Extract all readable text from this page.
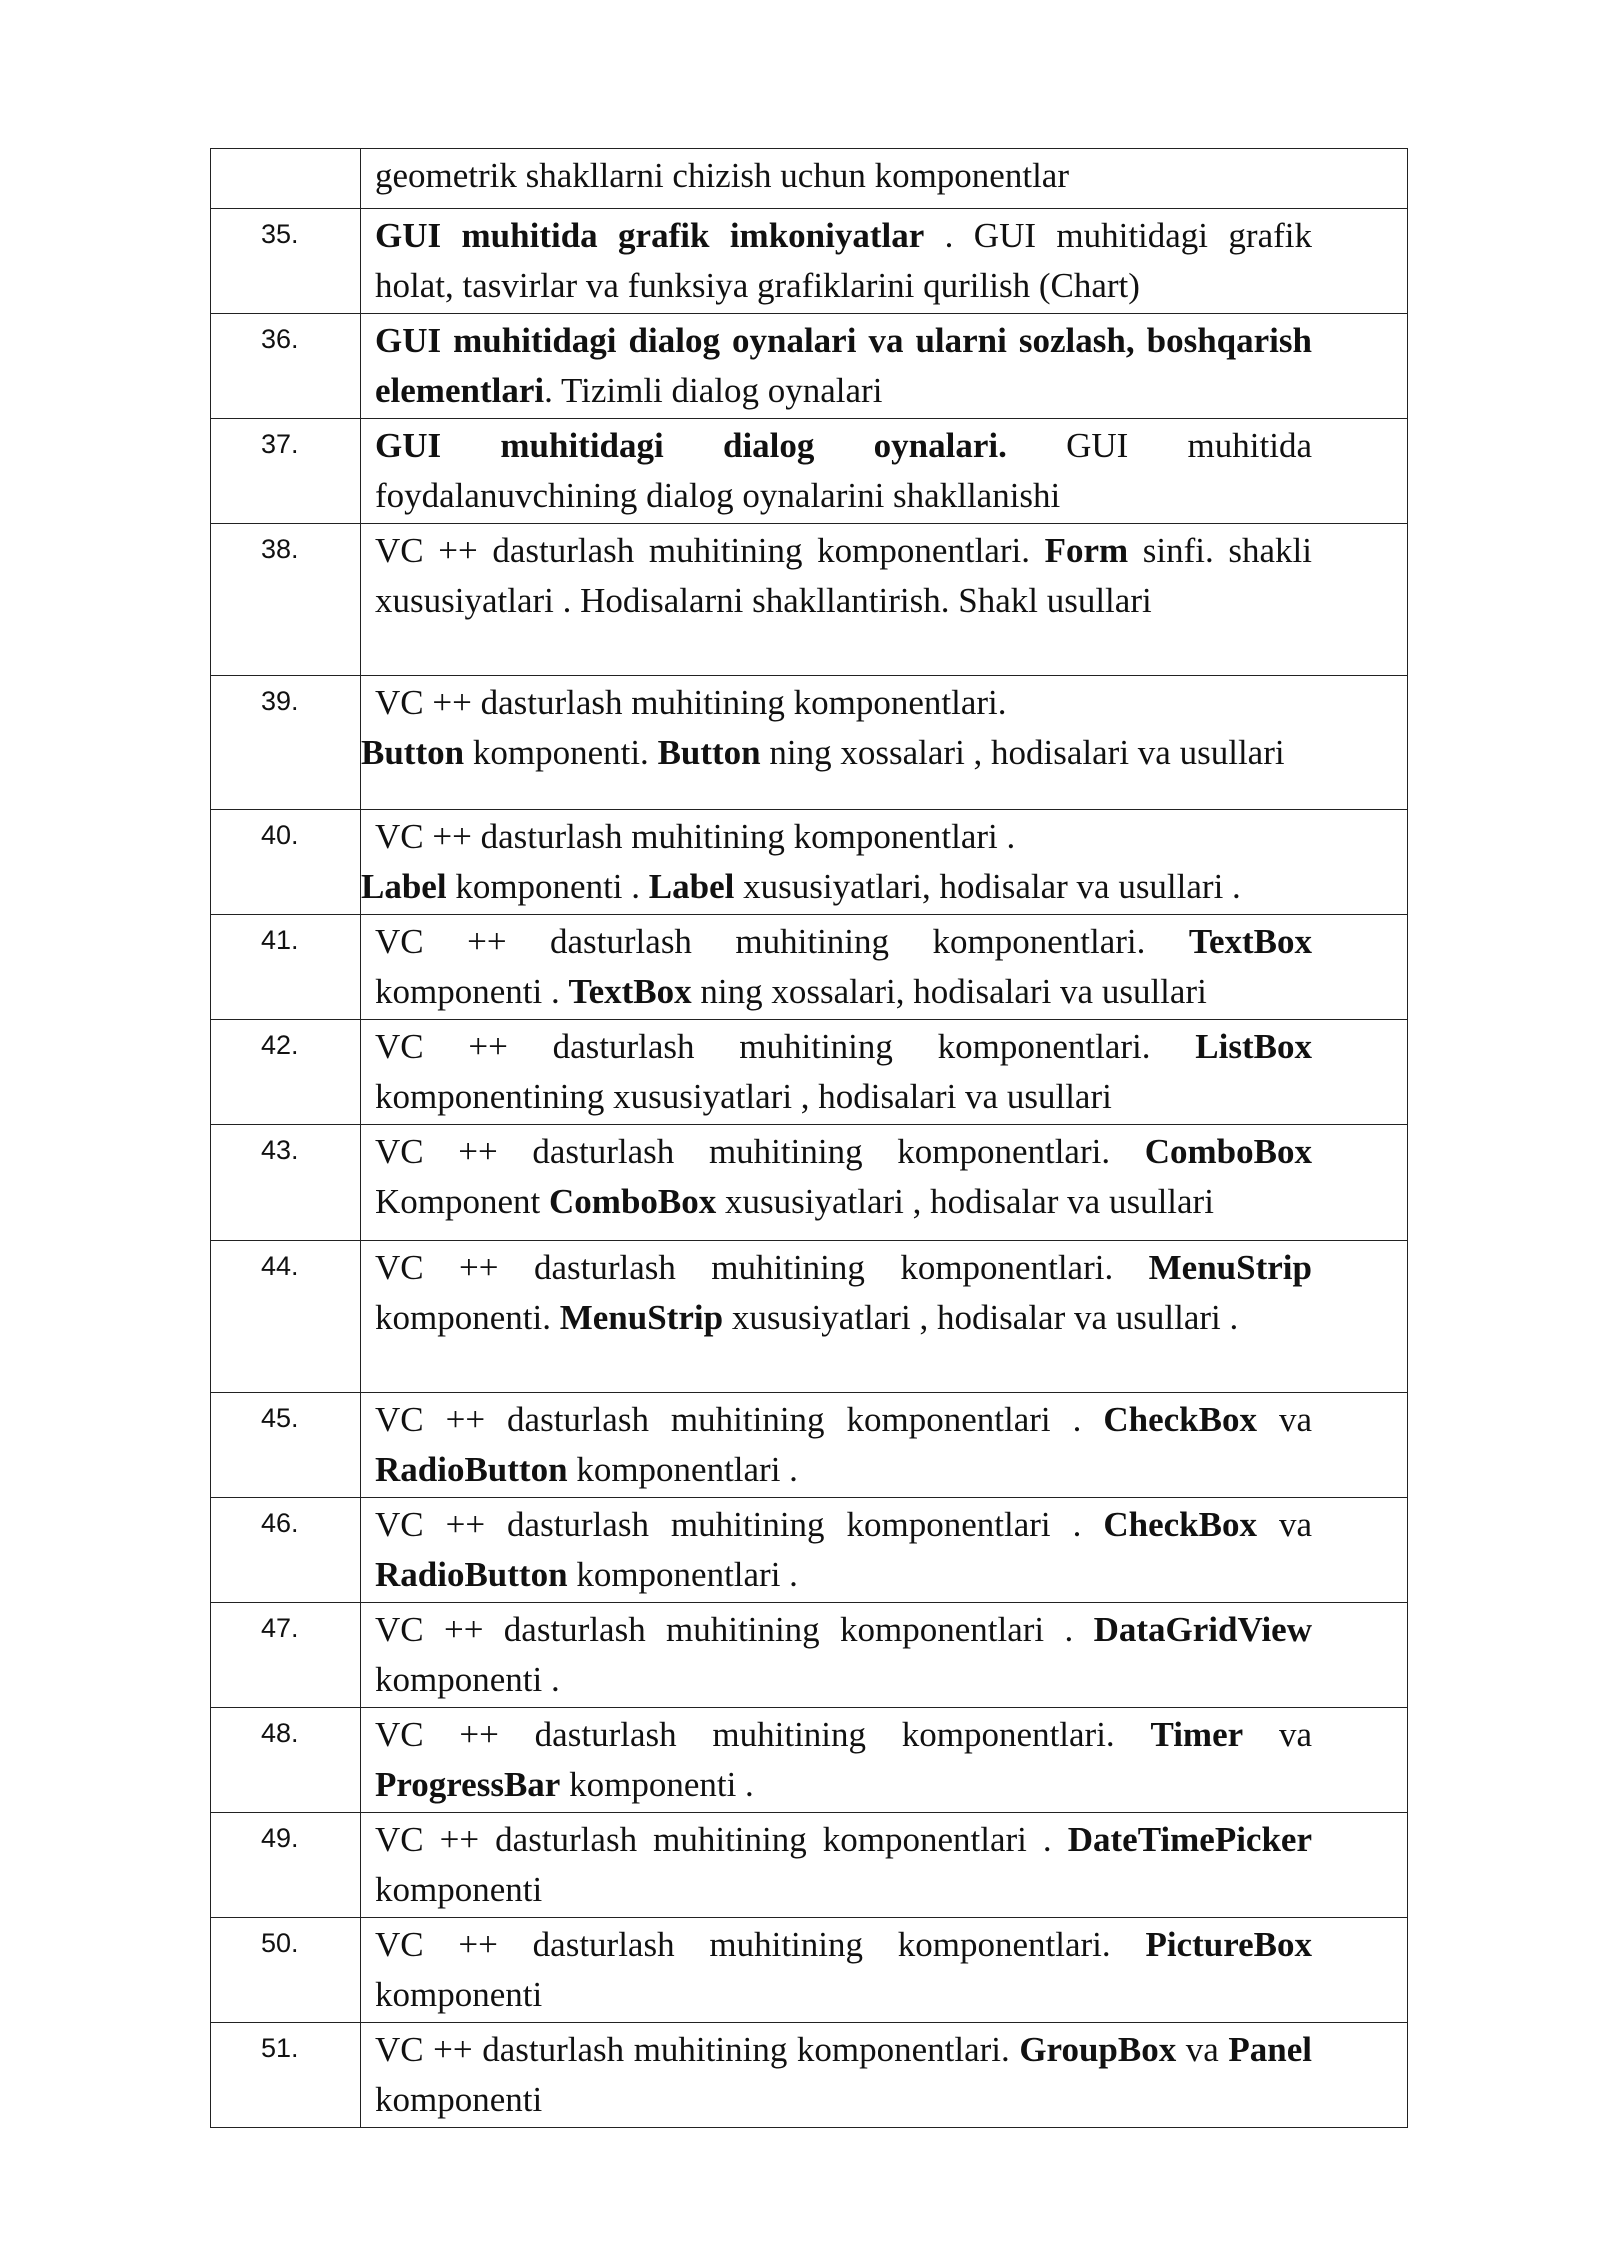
	geometrik shakllarni chizish uchun komponentlar
35.	GUI muhitida grafik imkoniyatlar . GUI muhitidagi grafik holat, tasvirlar va funksiya grafiklarini qurilish (Chart)
36.	GUI muhitidagi dialog oynalari va ularni sozlash, boshqarish elementlari. Tizimli dialog oynalari
37.	GUI muhitidagi dialog oynalari. GUI muhitida foydalanuvchining dialog oynalarini shakllanishi
38.	VC ++ dasturlash muhitining komponentlari. Form sinfi. shakli xususiyatlari . Hodisalarni shakllantirish. Shakl usullari
39.	VC ++ dasturlash muhitining komponentlari.
Button komponenti. Button ning xossalari , hodisalari va usullari

40.	VC ++ dasturlash muhitining komponentlari .
Label komponenti . Label xususiyatlari, hodisalar va usullari .

41.	VC ++ dasturlash muhitining komponentlari. TextBox komponenti . TextBox ning xossalari, hodisalari va usullari
42.	VC ++ dasturlash muhitining komponentlari. ListBox komponentining xususiyatlari , hodisalari va usullari
43.	VC ++ dasturlash muhitining komponentlari. ComboBox Komponent ComboBox xususiyatlari , hodisalar va usullari
44.	VC ++ dasturlash muhitining komponentlari. MenuStrip komponenti. MenuStrip xususiyatlari , hodisalar va usullari .
45.	VC ++ dasturlash muhitining komponentlari . CheckBox va RadioButton komponentlari .
46.	VC ++ dasturlash muhitining komponentlari . CheckBox va RadioButton komponentlari .
47.	VC ++ dasturlash muhitining komponentlari . DataGridView komponenti .
48.	VC ++ dasturlash muhitining komponentlari. Timer va ProgressBar komponenti .
49.	VC ++ dasturlash muhitining komponentlari . DateTimePicker komponenti
50.	VC ++ dasturlash muhitining komponentlari. PictureBox komponenti
51.	VC ++ dasturlash muhitining komponentlari. GroupBox va Panel komponenti
